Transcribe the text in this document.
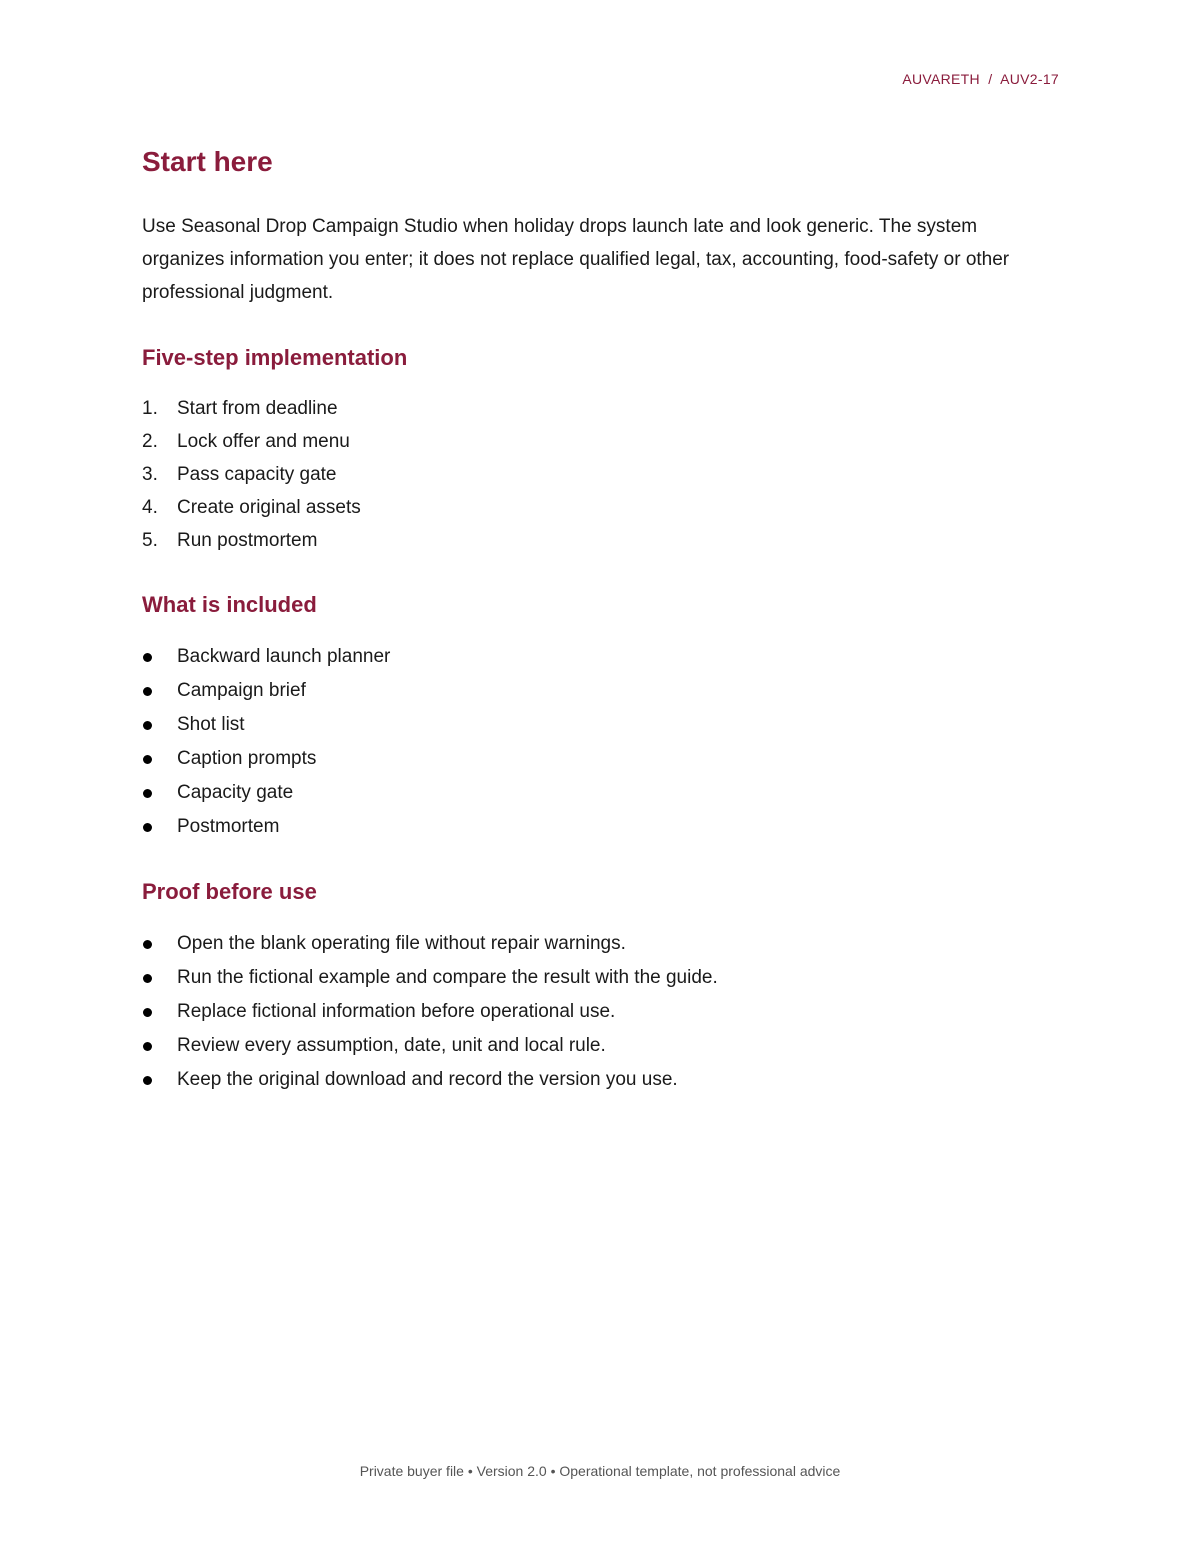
AUVARETH  /  AUV2-17
Start here

Use Seasonal Drop Campaign Studio when holiday drops launch late and look generic. The system organizes information you enter; it does not replace qualified legal, tax, accounting, food-safety or other professional judgment.

Five-step implementation
1. Start from deadline
2. Lock offer and menu
3. Pass capacity gate
4. Create original assets
5. Run postmortem
What is included
Backward launch planner
Campaign brief
Shot list
Caption prompts
Capacity gate
Postmortem
Proof before use
Open the blank operating file without repair warnings.
Run the fictional example and compare the result with the guide.
Replace fictional information before operational use.
Review every assumption, date, unit and local rule.
Keep the original download and record the version you use.
Private buyer file • Version 2.0 • Operational template, not professional advice
